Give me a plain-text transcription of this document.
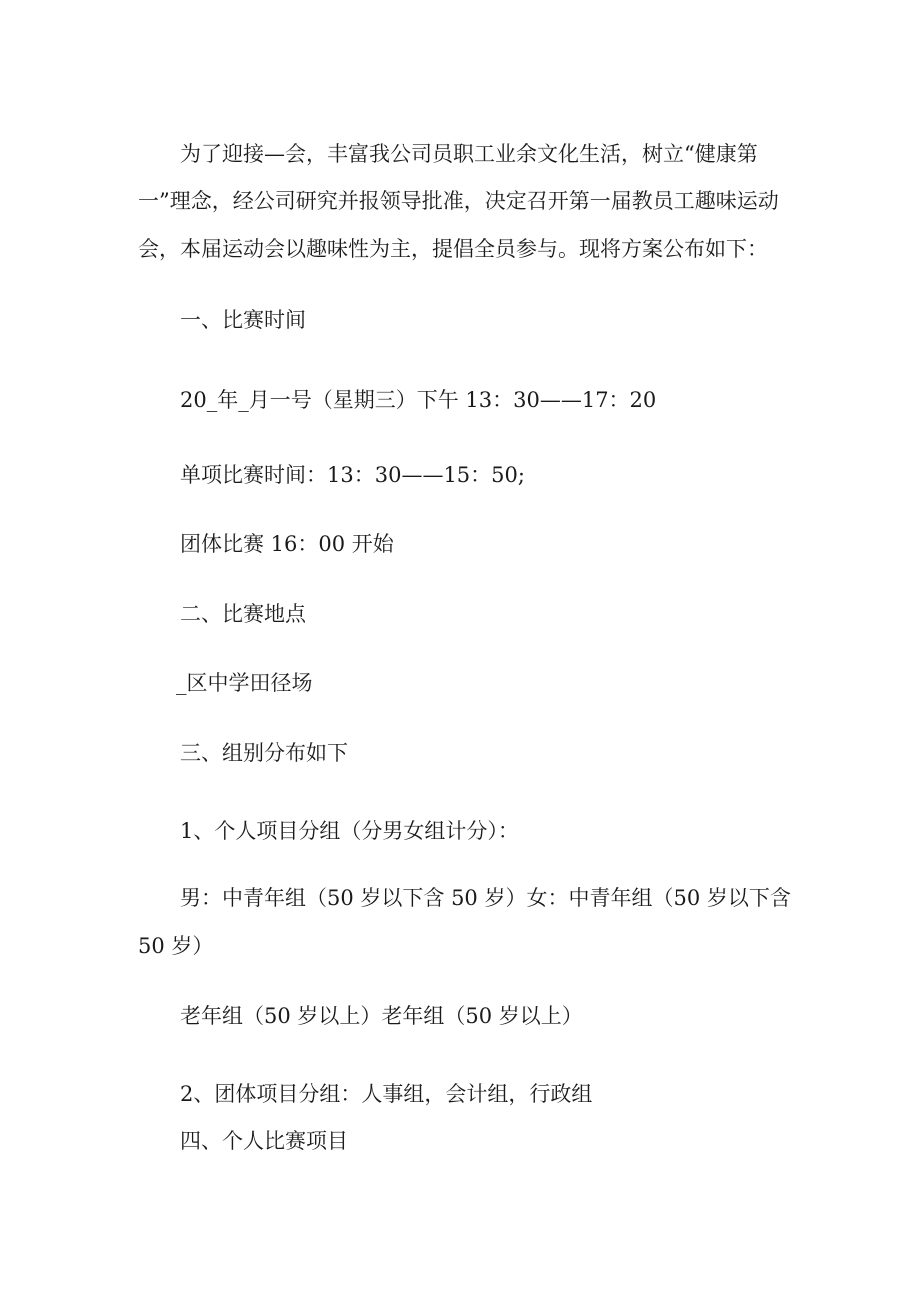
为了迎接—会，丰富我公司员职工业余文化生活，树立“健康第

一”理念，经公司研究并报领导批准，决定召开第一届教员工趣味运动

会，本届运动会以趣味性为主，提倡全员参与。现将方案公布如下：

一、比赛时间

20_年_月一号（星期三）下午 13：30——17：20

单项比赛时间：13：30——15：50;

团体比赛 16：00 开始

二、比赛地点

_区中学田径场

三、组别分布如下

1、个人项目分组（分男女组计分）：

男：中青年组（50 岁以下含 50 岁）女：中青年组（50 岁以下含

50 岁）

老年组（50 岁以上）老年组（50 岁以上）

2、团体项目分组：人事组，会计组，行政组

四、个人比赛项目
